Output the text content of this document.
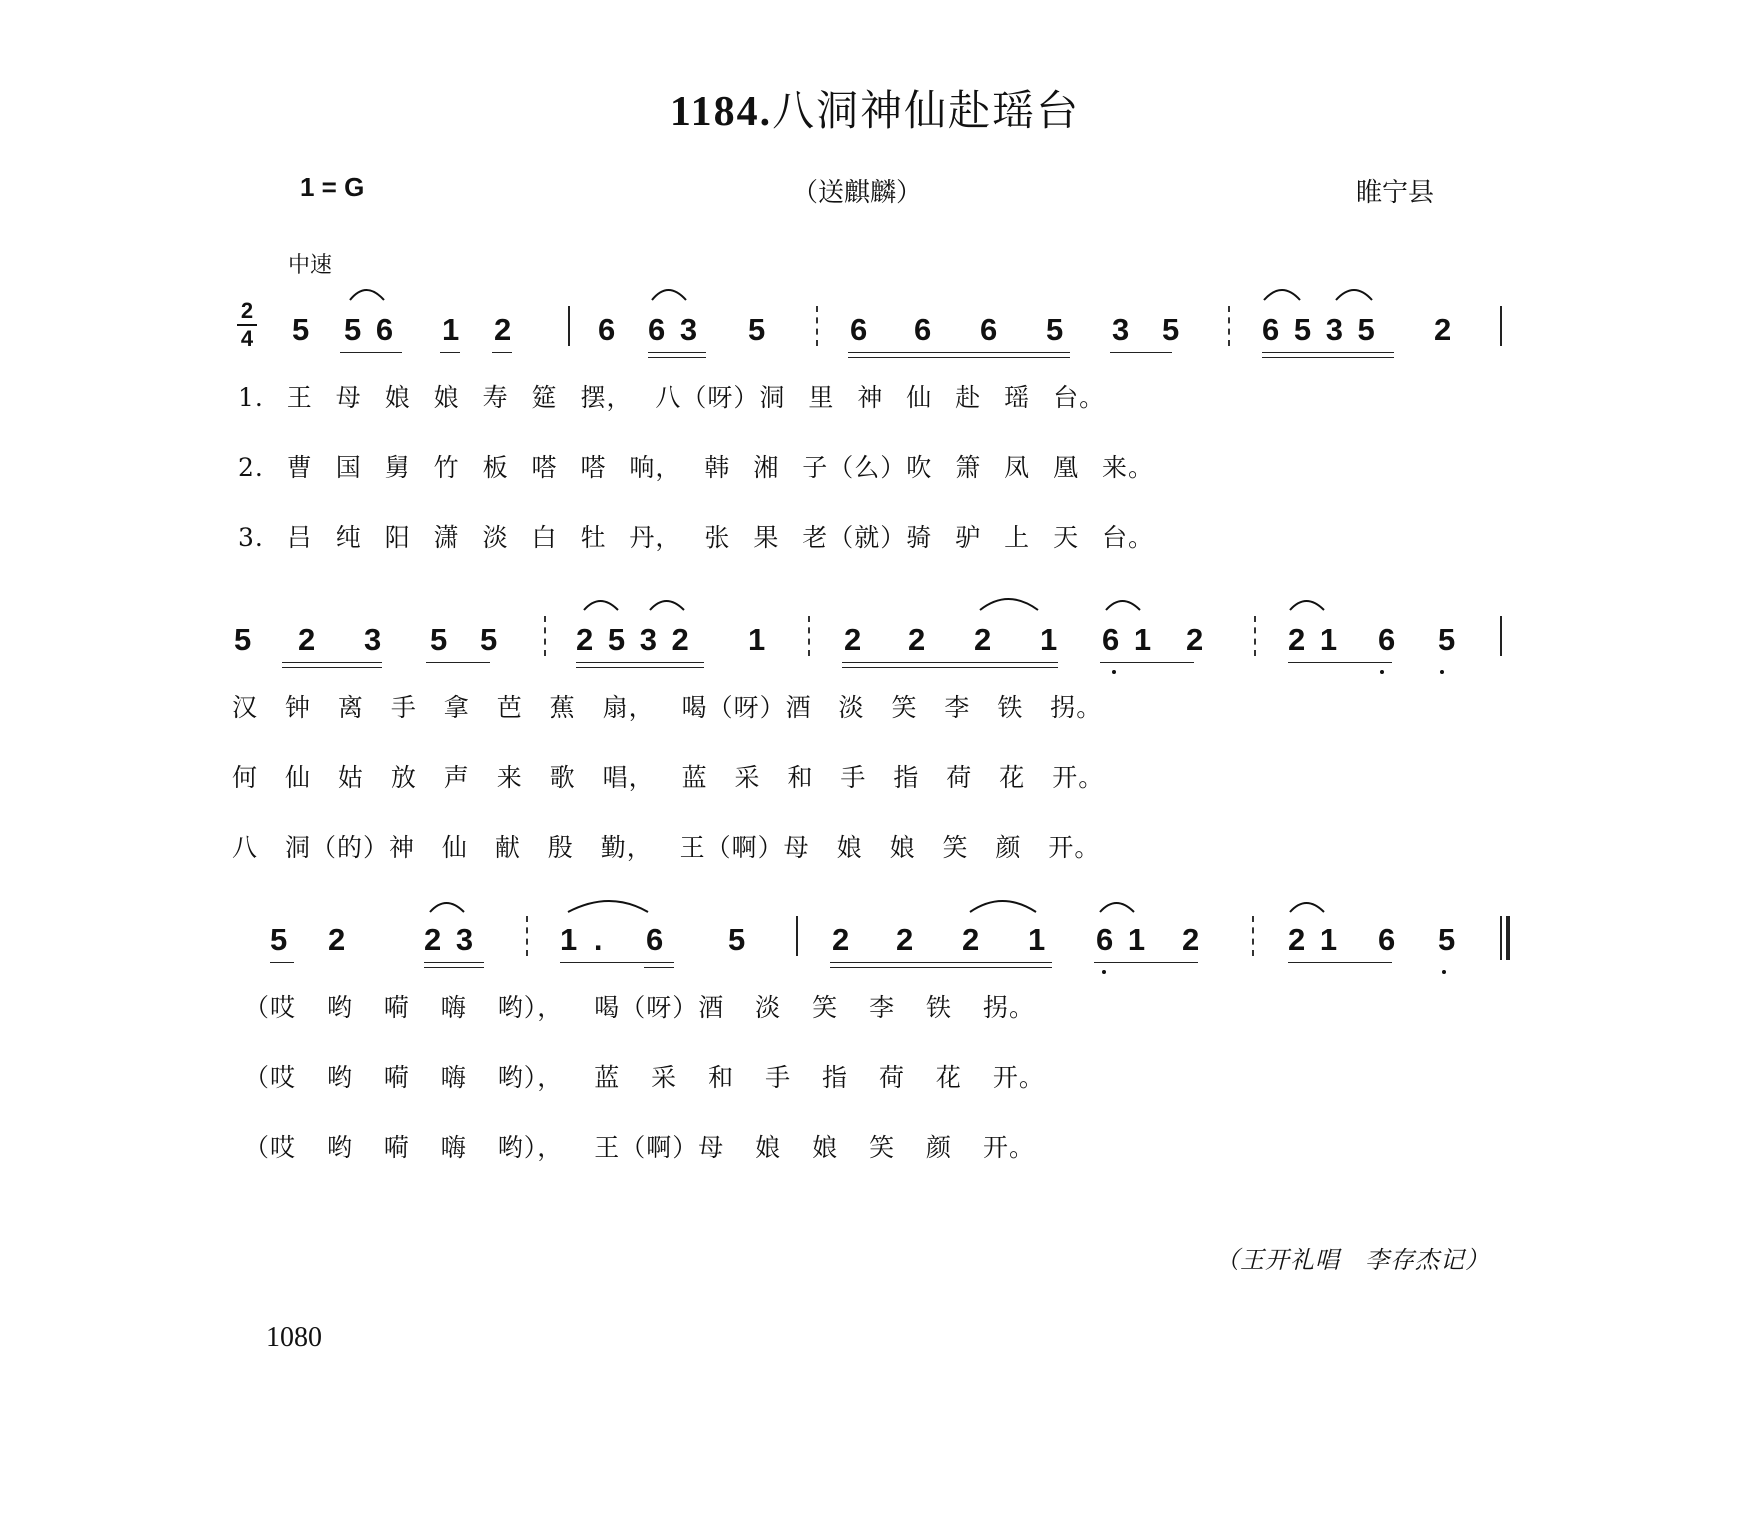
1184.八洞神仙赴瑶台
1 = G	（送麒麟）	睢宁县
中速
2
4 5 5 6 1 2	6 6 3 5	6 6 6 5 3 5	6 5 3 5 2
1. 王 母 娘 娘 寿 筵 摆， 八（呀）洞 里 神 仙 赴 瑶 台。
2. 曹 国 舅 竹 板 嗒 嗒 响， 韩 湘 子（么）吹 箫 凤 凰 来。
3. 吕 纯 阳 潇 淡 白 牡 丹， 张 果 老（就）骑 驴 上 天 台。
5 2 3 5 5	2 5 3 2 1	2 2 2 1 6 1 2	2 1 6 5
汉 钟 离 手 拿 芭 蕉 扇， 喝（呀）酒 淡 笑 李 铁 拐。
何 仙 姑 放 声 来 歌 唱， 蓝 采 和 手 指 荷 花 开。
八 洞（的）神 仙 献 殷 勤， 王（啊）母 娘 娘 笑 颜 开。
5 2	2 3	1 . 6 5	2 2 2 1 6 1 2	2 1 6 5
（哎 哟 嗬 嗨 哟）， 喝（呀）酒 淡 笑 李 铁 拐。
（哎 哟 嗬 嗨 哟）， 蓝 采 和 手 指 荷 花 开。
（哎 哟 嗬 嗨 哟）， 王（啊）母 娘 娘 笑 颜 开。
（王开礼唱　李存杰记）
1080
